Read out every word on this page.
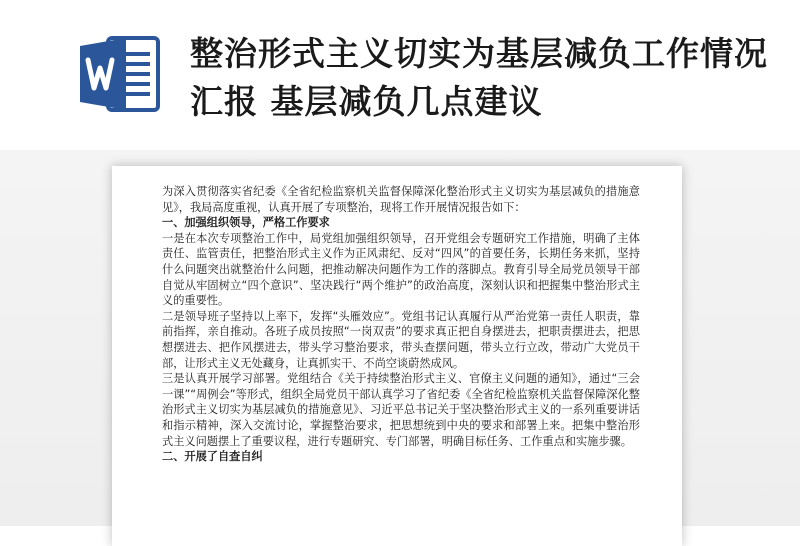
整治形式主义切实为基层减负工作情况汇报 基层减负几点建议

为深入贯彻落实省纪委《全省纪检监察机关监督保障深化整治形式主义切实为基层减负的措施意见》，我局高度重视，认真开展了专项整治，现将工作开展情况报告如下：

一、加强组织领导，严格工作要求

一是在本次专项整治工作中，局党组加强组织领导，召开党组会专题研究工作措施，明确了主体责任、监管责任，把整治形式主义作为正风肃纪、反对“四风”的首要任务，长期任务来抓，坚持什么问题突出就整治什么问题，把推动解决问题作为工作的落脚点。教育引导全局党员领导干部自觉从牢固树立“四个意识”、坚决践行“两个维护”的政治高度，深刻认识和把握集中整治形式主义的重要性。

二是领导班子坚持以上率下，发挥“头雁效应”。党组书记认真履行从严治党第一责任人职责，靠前指挥，亲自推动。各班子成员按照“一岗双责”的要求真正把自身摆进去，把职责摆进去，把思想摆进去、把作风摆进去，带头学习整治要求，带头查摆问题，带头立行立改，带动广大党员干部，让形式主义无处藏身，让真抓实干、不尚空谈蔚然成风。

三是认真开展学习部署。党组结合《关于持续整治形式主义、官僚主义问题的通知》，通过“三会一课”“周例会”等形式，组织全局党员干部认真学习了省纪委《全省纪检监察机关监督保障深化整治形式主义切实为基层减负的措施意见》、习近平总书记关于坚决整治形式主义的一系列重要讲话和指示精神，深入交流讨论，掌握整治要求，把思想统到中央的要求和部署上来。把集中整治形式主义问题摆上了重要议程，进行专题研究、专门部署，明确目标任务、工作重点和实施步骤。

二、开展了自查自纠
